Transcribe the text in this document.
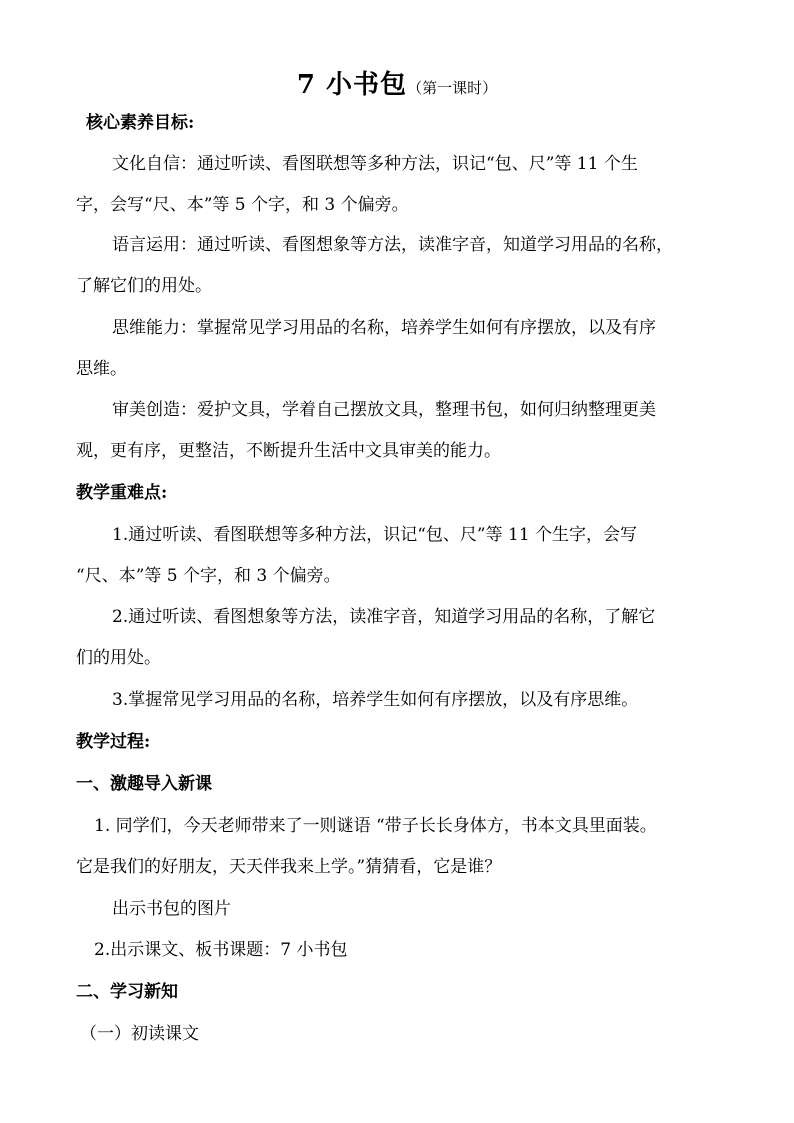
7 小书包（第一课时）
核心素养目标:
文化自信：通过听读、看图联想等多种方法，识记“包、尺”等 11 个生
字，会写“尺、本”等 5 个字，和 3 个偏旁。
语言运用：通过听读、看图想象等方法，读准字音，知道学习用品的名称，
了解它们的用处。
思维能力：掌握常见学习用品的名称，培养学生如何有序摆放，以及有序
思维。
审美创造：爱护文具，学着自己摆放文具，整理书包，如何归纳整理更美
观，更有序，更整洁，不断提升生活中文具审美的能力。
教学重难点:
1.通过听读、看图联想等多种方法，识记“包、尺”等 11 个生字，会写
“尺、本”等 5 个字，和 3 个偏旁。
2.通过听读、看图想象等方法，读准字音，知道学习用品的名称，了解它
们的用处。
3.掌握常见学习用品的名称，培养学生如何有序摆放，以及有序思维。
教学过程:
一、激趣导入新课
1. 同学们，今天老师带来了一则谜语 “带子长长身体方，书本文具里面装。
它是我们的好朋友，天天伴我来上学。”猜猜看，它是谁？
出示书包的图片
2.出示课文、板书课题：7 小书包
二、学习新知
（一）初读课文
